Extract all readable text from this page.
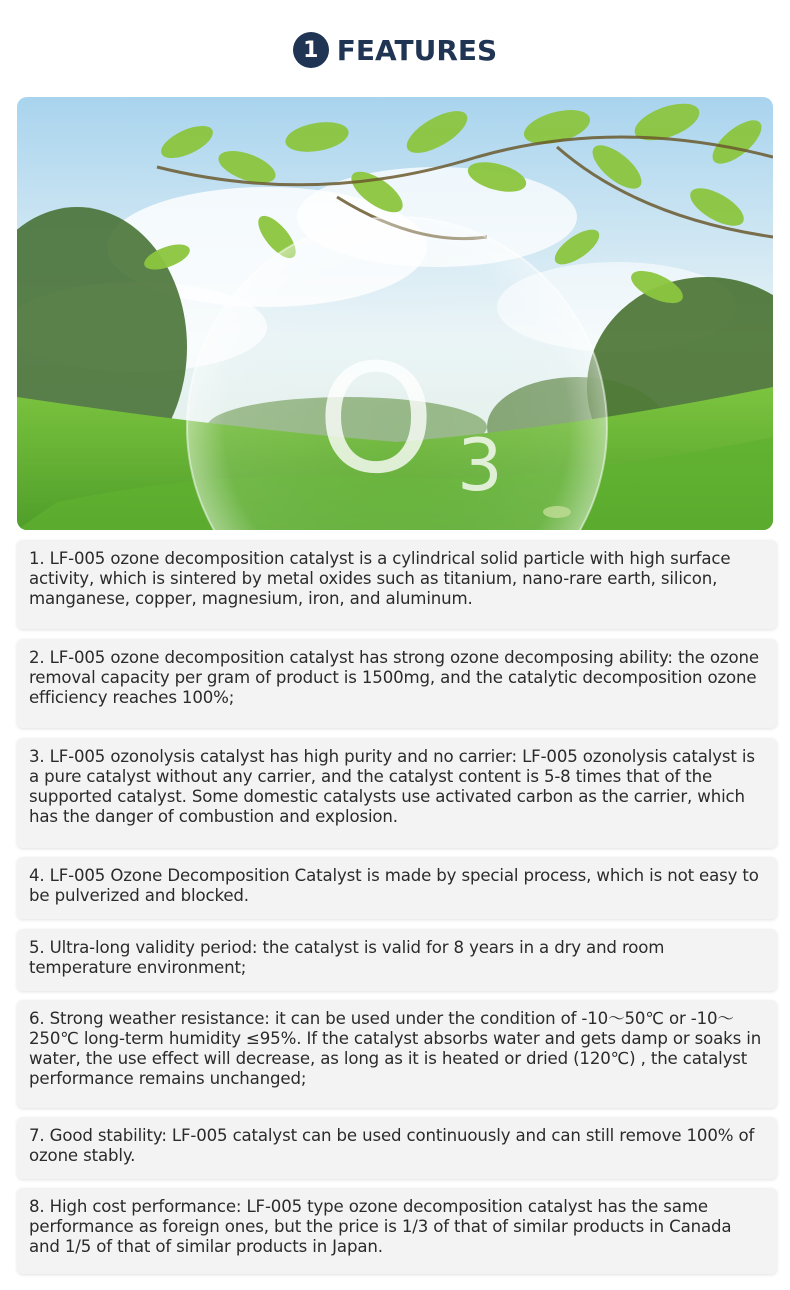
1 FEATURES
O 3

1. LF-005 ozone decomposition catalyst is a cylindrical solid particle with high surface activity, which is sintered by metal oxides such as titanium, nano-rare earth, silicon, manganese, copper, magnesium, iron, and aluminum.

2. LF-005 ozone decomposition catalyst has strong ozone decomposing ability: the ozone removal capacity per gram of product is 1500mg, and the catalytic decomposition ozone efficiency reaches 100%;

3. LF-005 ozonolysis catalyst has high purity and no carrier: LF-005 ozonolysis catalyst is a pure catalyst without any carrier, and the catalyst content is 5-8 times that of the supported catalyst. Some domestic catalysts use activated carbon as the carrier, which has the danger of combustion and explosion.

4. LF-005 Ozone Decomposition Catalyst is made by special process, which is not easy to be pulverized and blocked.

5. Ultra-long validity period: the catalyst is valid for 8 years in a dry and room temperature environment;

6. Strong weather resistance: it can be used under the condition of -10～50℃ or -10～250℃ long-term humidity ≤95%. If the catalyst absorbs water and gets damp or soaks in water, the use effect will decrease, as long as it is heated or dried (120℃) , the catalyst performance remains unchanged;

7. Good stability: LF-005 catalyst can be used continuously and can still remove 100% of ozone stably.

8. High cost performance: LF-005 type ozone decomposition catalyst has the same performance as foreign ones, but the price is 1/3 of that of similar products in Canada and 1/5 of that of similar products in Japan.
